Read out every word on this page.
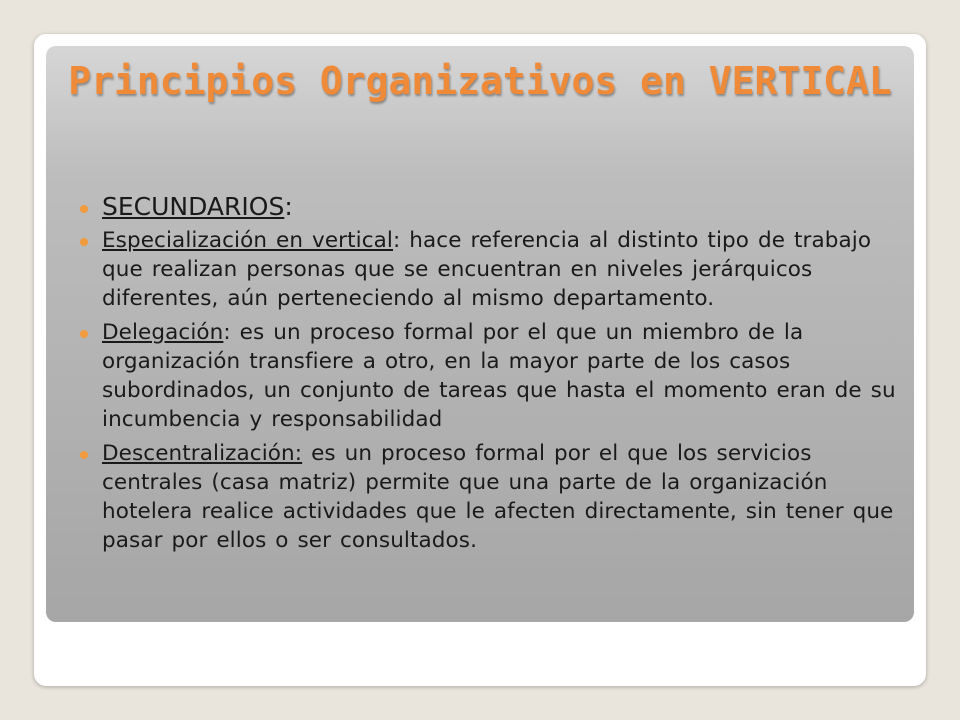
Principios Organizativos en VERTICAL
SECUNDARIOS:
Especialización en vertical: hace referencia al distinto tipo de trabajo que realizan personas que se encuentran en niveles jerárquicos diferentes, aún perteneciendo al mismo departamento.
Delegación: es un proceso formal por el que un miembro de la organización transfiere a otro, en la mayor parte de los casos subordinados, un conjunto de tareas que hasta el momento eran de su incumbencia y responsabilidad
Descentralización: es un proceso formal por el que los servicios centrales (casa matriz) permite que una parte de la organización hotelera realice actividades que le afecten directamente, sin tener que pasar por ellos o ser consultados.
